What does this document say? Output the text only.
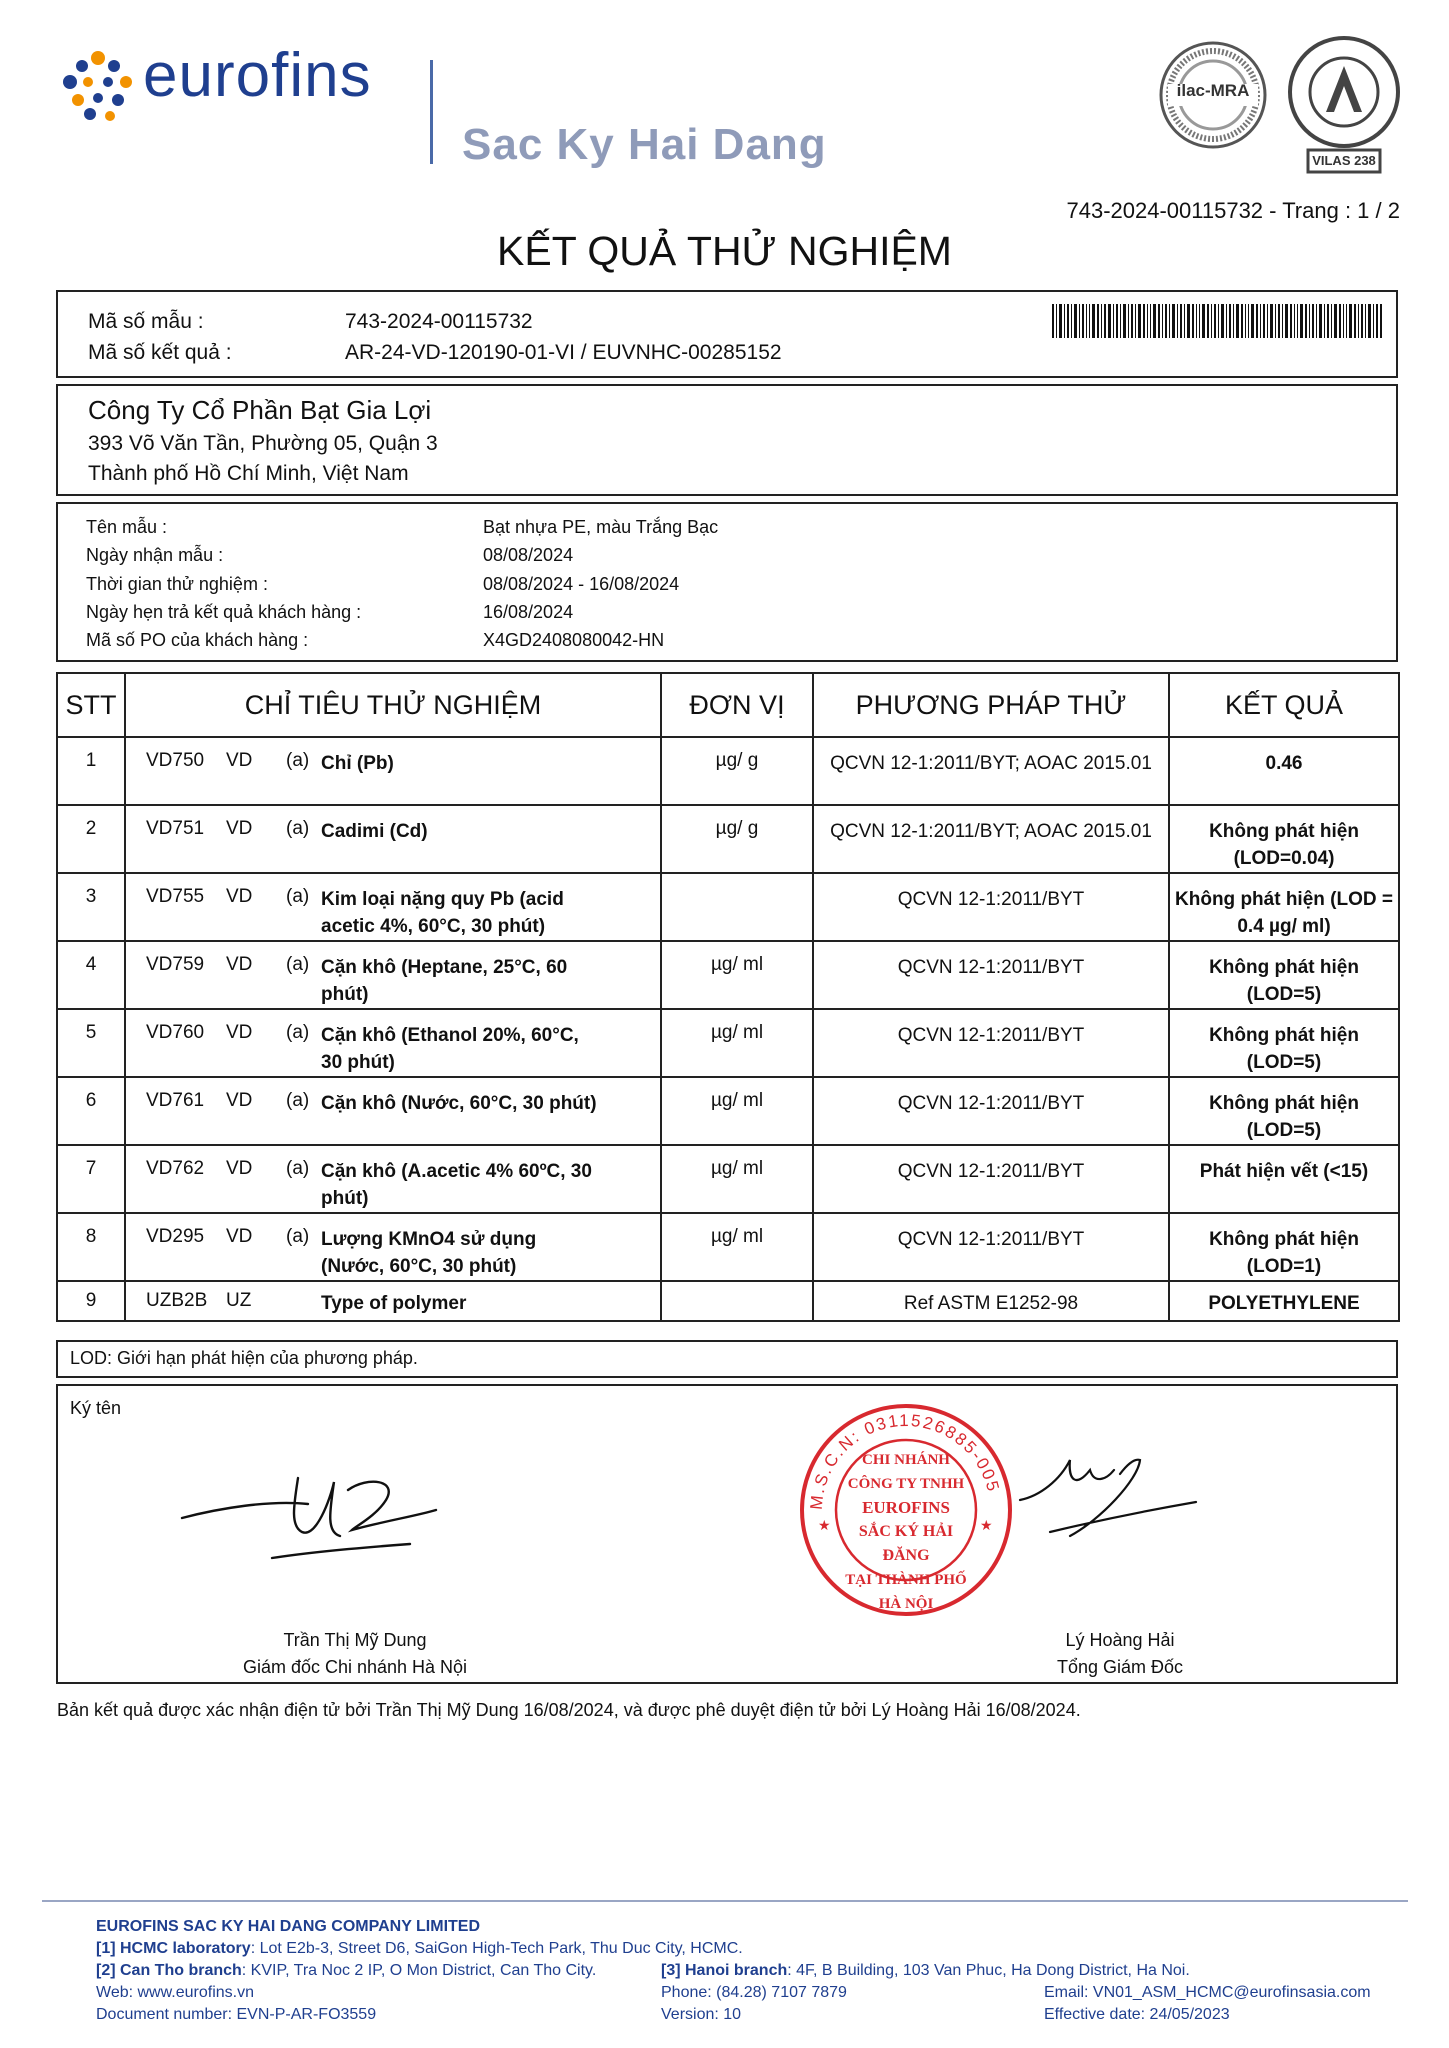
eurofins
Sac Ky Hai Dang
ilac-MRA
VILAS 238
743-2024-00115732 - Trang : 1 / 2
KẾT QUẢ THỬ NGHIỆM
Mã số mẫu :	743-2024-00115732
Mã số kết quả :	AR-24-VD-120190-01-VI / EUVNHC-00285152
Công Ty Cổ Phần Bạt Gia Lợi
393 Võ Văn Tần, Phường 05, Quận 3
Thành phố Hồ Chí Minh, Việt Nam
Tên mẫu :	Bạt nhựa PE, màu Trắng Bạc
Ngày nhận mẫu :	08/08/2024
Thời gian thử nghiệm :	08/08/2024 - 16/08/2024
Ngày hẹn trả kết quả khách hàng :	16/08/2024
Mã số PO của khách hàng :	X4GD2408080042-HN
STT	CHỈ TIÊU THỬ NGHIỆM	ĐƠN VỊ	PHƯƠNG PHÁP THỬ	KẾT QUẢ
1	VD750 VD (a) Chỉ (Pb)	µg/ g	QCVN 12-1:2011/BYT; AOAC 2015.01	0.46
2	VD751 VD (a) Cadimi (Cd)	µg/ g	QCVN 12-1:2011/BYT; AOAC 2015.01	Không phát hiện (LOD=0.04)
3	VD755 VD (a) Kim loại nặng quy Pb (acid acetic 4%, 60°C, 30 phút)		QCVN 12-1:2011/BYT	Không phát hiện (LOD = 0.4 µg/ ml)
4	VD759 VD (a) Cặn khô (Heptane, 25°C, 60 phút)	µg/ ml	QCVN 12-1:2011/BYT	Không phát hiện (LOD=5)
5	VD760 VD (a) Cặn khô (Ethanol 20%, 60°C, 30 phút)	µg/ ml	QCVN 12-1:2011/BYT	Không phát hiện (LOD=5)
6	VD761 VD (a) Cặn khô (Nước, 60°C, 30 phút)	µg/ ml	QCVN 12-1:2011/BYT	Không phát hiện (LOD=5)
7	VD762 VD (a) Cặn khô (A.acetic 4% 60ºC, 30 phút)	µg/ ml	QCVN 12-1:2011/BYT	Phát hiện vết (<15)
8	VD295 VD (a) Lượng KMnO4 sử dụng (Nước, 60°C, 30 phút)	µg/ ml	QCVN 12-1:2011/BYT	Không phát hiện (LOD=1)
9	UZB2B UZ Type of polymer		Ref ASTM E1252-98	POLYETHYLENE
LOD: Giới hạn phát hiện của phương pháp.
Ký tên
M.S.C.N: 0311526885-005
★	★
CHI NHÁNH
CÔNG TY TNHH
EUROFINS
SẮC KÝ HẢI ĐĂNG
TẠI THÀNH PHỐ
HÀ NỘI
Trần Thị Mỹ Dung
Giám đốc Chi nhánh Hà Nội
Lý Hoàng Hải
Tổng Giám Đốc
Bản kết quả được xác nhận điện tử bởi Trần Thị Mỹ Dung 16/08/2024, và được phê duyệt điện tử bởi Lý Hoàng Hải 16/08/2024.
EUROFINS SAC KY HAI DANG COMPANY LIMITED
[1] HCMC laboratory: Lot E2b-3, Street D6, SaiGon High-Tech Park, Thu Duc City, HCMC.
[2] Can Tho branch: KVIP, Tra Noc 2 IP, O Mon District, Can Tho City.	[3] Hanoi branch: 4F, B Building, 103 Van Phuc, Ha Dong District, Ha Noi.
Web: www.eurofins.vn	Phone: (84.28) 7107 7879	Email: VN01_ASM_HCMC@eurofinsasia.com
Document number: EVN-P-AR-FO3559	Version: 10	Effective date: 24/05/2023
